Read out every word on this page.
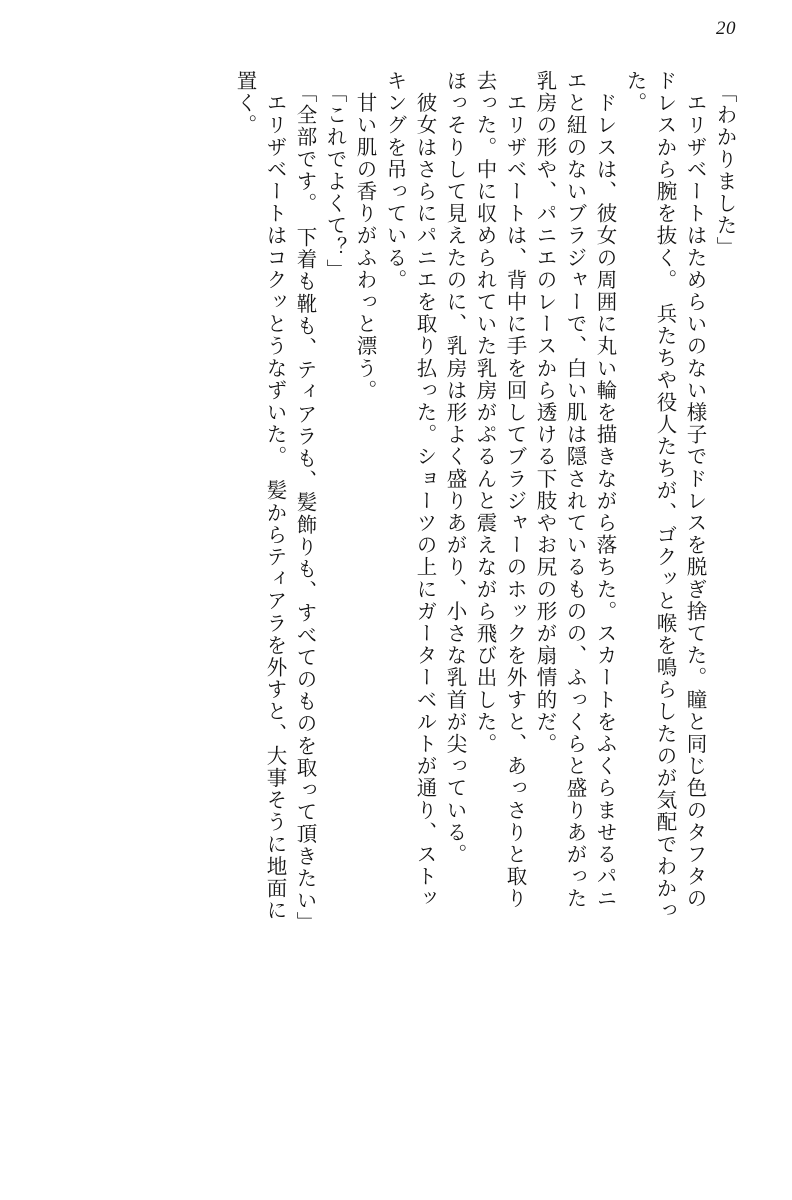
20
「わかりました」
　エリザベートはためらいのない様子でドレスを脱ぎ捨てた。瞳と同じ色のタフタの
ドレスから腕を抜く。　兵たちや役人たちが、ゴクッと喉を鳴らしたのが気配でわかっ
た。
　ドレスは、彼女の周囲に丸い輪を描きながら落ちた。スカートをふくらませるパニ
エと紐のないブラジャーで、白い肌は隠されているものの、ふっくらと盛りあがった
乳房の形や、パニエのレースから透ける下肢やお尻の形が扇情的だ。
　エリザベートは、背中に手を回してブラジャーのホックを外すと、あっさりと取り
去った。中に収められていた乳房がぷるんと震えながら飛び出した。
ほっそりして見えたのに、乳房は形よく盛りあがり、小さな乳首が尖っている。
　彼女はさらにパニエを取り払った。ショーツの上にガーターベルトが通り、ストッ
キングを吊っている。
　甘い肌の香りがふわっと漂う。
「これでよくて？」
「全部です。　下着も靴も、ティアラも、髪飾りも、すべてのものを取って頂きたい」
　エリザベートはコクッとうなずいた。　髪からティアラを外すと、大事そうに地面に
置く。
